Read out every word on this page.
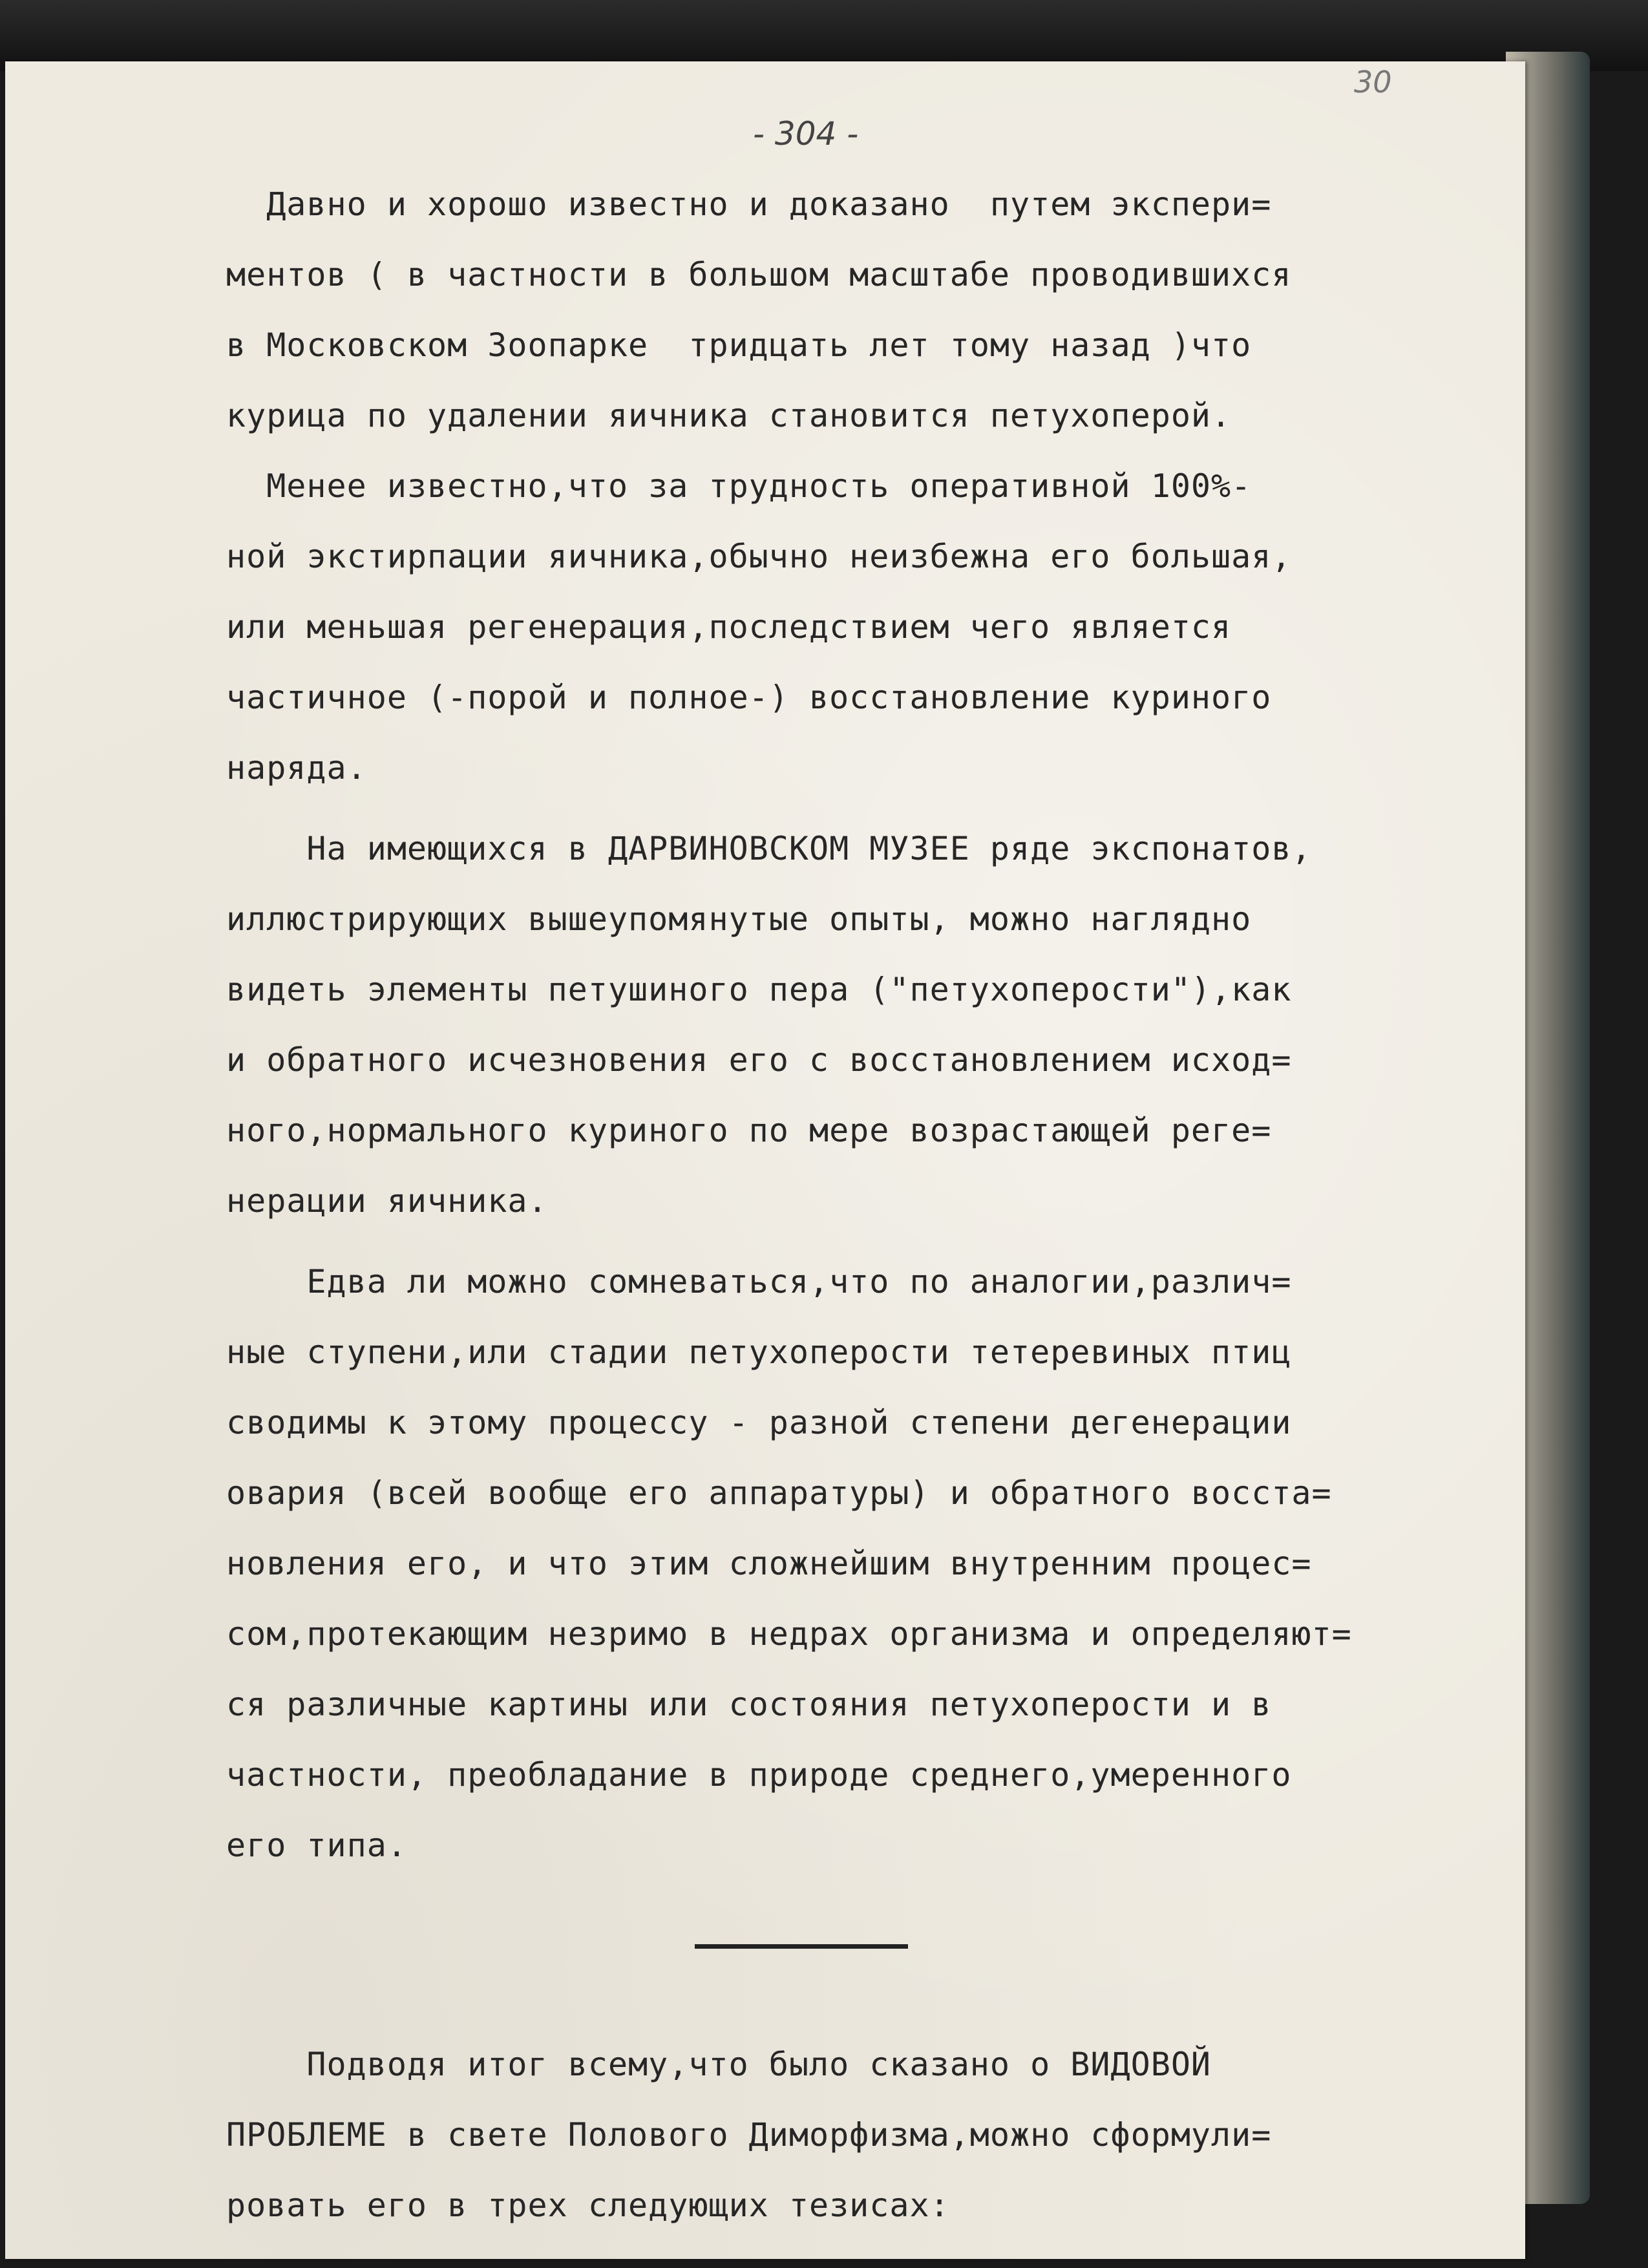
- 304 -
30
Давно и хорошо известно и доказано  путем экспери=
ментов ( в частности в большом масштабе проводившихся
в Московском Зоопарке  тридцать лет тому назад )что
курица по удалении яичника становится петухоперой.
Менее известно,что за трудность оперативной 100%-
ной экстирпации яичника,обычно неизбежна его большая,
или меньшая регенерация,последствием чего является
частичное (-порой и полное-) восстановление куриного
наряда.
На имеющихся в ДАРВИНОВСКОМ МУЗЕЕ ряде экспонатов,
иллюстрирующих вышеупомянутые опыты, можно наглядно
видеть элементы петушиного пера ("петухоперости"),как
и обратного исчезновения его с восстановлением исход=
ного,нормального куриного по мере возрастающей реге=
нерации яичника.
Едва ли можно сомневаться,что по аналогии,различ=
ные ступени,или стадии петухоперости тетеревиных птиц
сводимы к этому процессу - разной степени дегенерации
овария (всей вообще его аппаратуры) и обратного восста=
новления его, и что этим сложнейшим внутренним процес=
сом,протекающим незримо в недрах организма и определяют=
ся различные картины или состояния петухоперости и в
частности, преобладание в природе среднего,умеренного
его типа.
Подводя итог всему,что было сказано о ВИДОВОЙ
ПРОБЛЕМЕ в свете Полового Диморфизма,можно сформули=
ровать его в трех следующих тезисах:
